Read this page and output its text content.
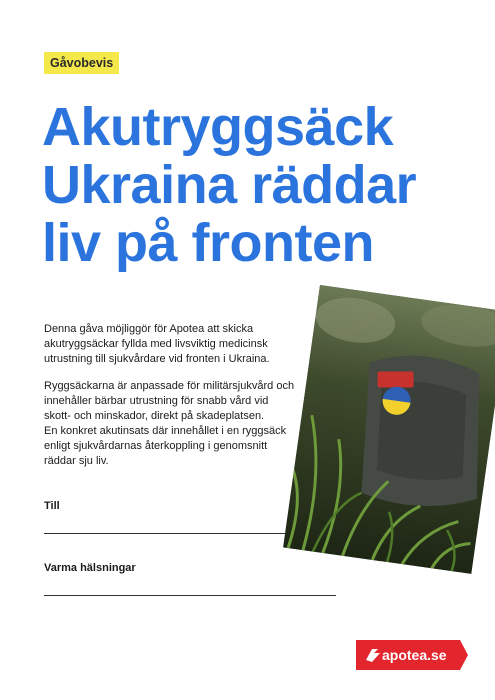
Gåvobevis
Akutryggsäck
Ukraina räddar
liv på fronten

Denna gåva möjliggör för Apotea att skicka
akutryggsäckar fyllda med livsviktig medicinsk
utrustning till sjukvårdare vid fronten i Ukraina.

Ryggsäckarna är anpassade för militärsjukvård och
innehåller bärbar utrustning för snabb vård vid
skott- och minskador, direkt på skadeplatsen.
En konkret akutinsats där innehållet i en ryggsäck
enligt sjukvårdarnas återkoppling i genomsnitt
räddar sju liv.

Till
Varma hälsningar
apotea.se
